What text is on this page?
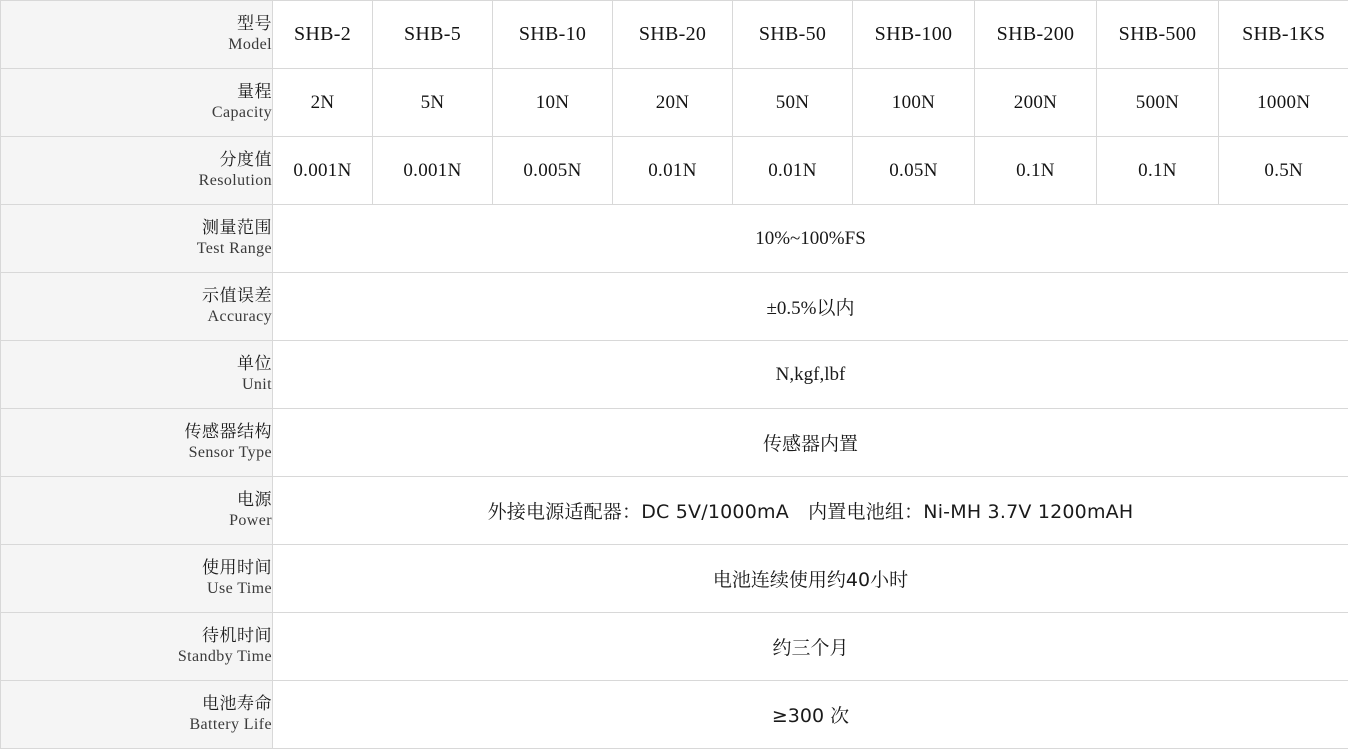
型号
Model	SHB-2	SHB-5	SHB-10	SHB-20	SHB-50	SHB-100	SHB-200	SHB-500	SHB-1KS

量程
Capacity	2N	5N	10N	20N	50N	100N	200N	500N	1000N

分度值
Resolution	0.001N	0.001N	0.005N	0.01N	0.01N	0.05N	0.1N	0.1N	0.5N

测量范围
Test Range	10%~100%FS								

示值误差
Accuracy	±0.5%以内								

单位
Unit	N,kgf,lbf								

传感器结构
Sensor Type	传感器内置								

电源
Power	外接电源适配器：DC 5V/1000mA　内置电池组：Ni-MH 3.7V 1200mAH								

使用时间
Use Time	电池连续使用约40小时								

待机时间
Standby Time	约三个月								

电池寿命
Battery Life	≥300 次								
